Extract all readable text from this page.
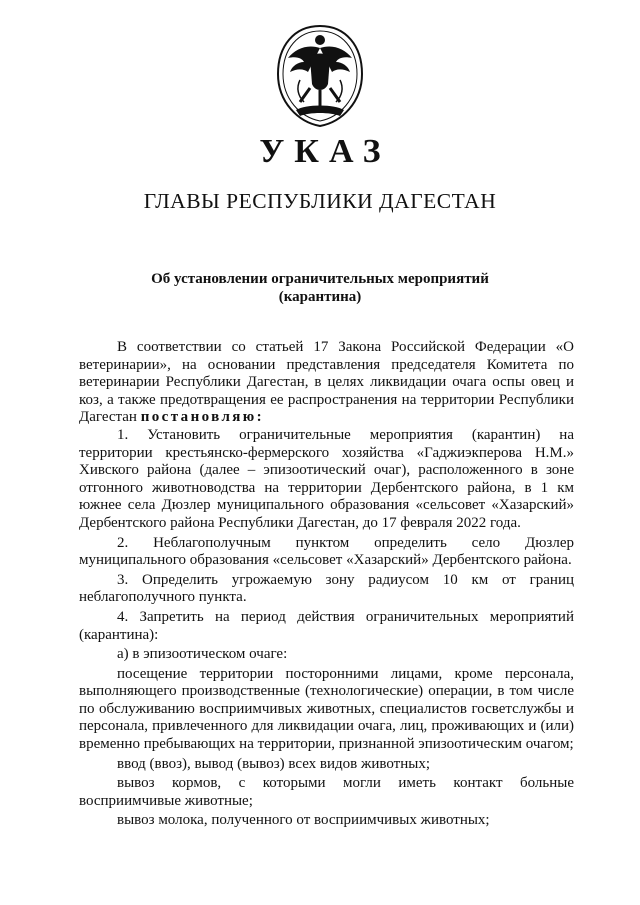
УКАЗ
ГЛАВЫ РЕСПУБЛИКИ ДАГЕСТАН
Об установлении ограничительных мероприятий
(карантина)

В соответствии со статьей 17 Закона Российской Федерации «О ветеринарии», на основании представления председателя Комитета по ветеринарии Республики Дагестан, в целях ликвидации очага оспы овец и коз, а также предотвращения ее распространения на территории Республики Дагестан постановляю:

1. Установить ограничительные мероприятия (карантин) на территории крестьянско-фермерского хозяйства «Гаджиэкперова Н.М.» Хивского района (далее – эпизоотический очаг), расположенного в зоне отгонного животноводства на территории Дербентского района, в 1 км южнее села Дюзлер муниципального образования «сельсовет «Хазарский» Дербентского района Республики Дагестан, до 17 февраля 2022 года.

2. Неблагополучным пунктом определить село Дюзлер муниципального образования «сельсовет «Хазарский» Дербентского района.

3. Определить угрожаемую зону радиусом 10 км от границ неблагополучного пункта.

4. Запретить на период действия ограничительных мероприятий (карантина):

а) в эпизоотическом очаге:

посещение территории посторонними лицами, кроме персонала, выполняющего производственные (технологические) операции, в том числе по обслуживанию восприимчивых животных, специалистов госветслужбы и персонала, привлеченного для ликвидации очага, лиц, проживающих и (или) временно пребывающих на территории, признанной эпизоотическим очагом;

ввод (ввоз), вывод (вывоз) всех видов животных;

вывоз кормов, с которыми могли иметь контакт больные восприимчивые животные;

вывоз молока, полученного от восприимчивых животных;
